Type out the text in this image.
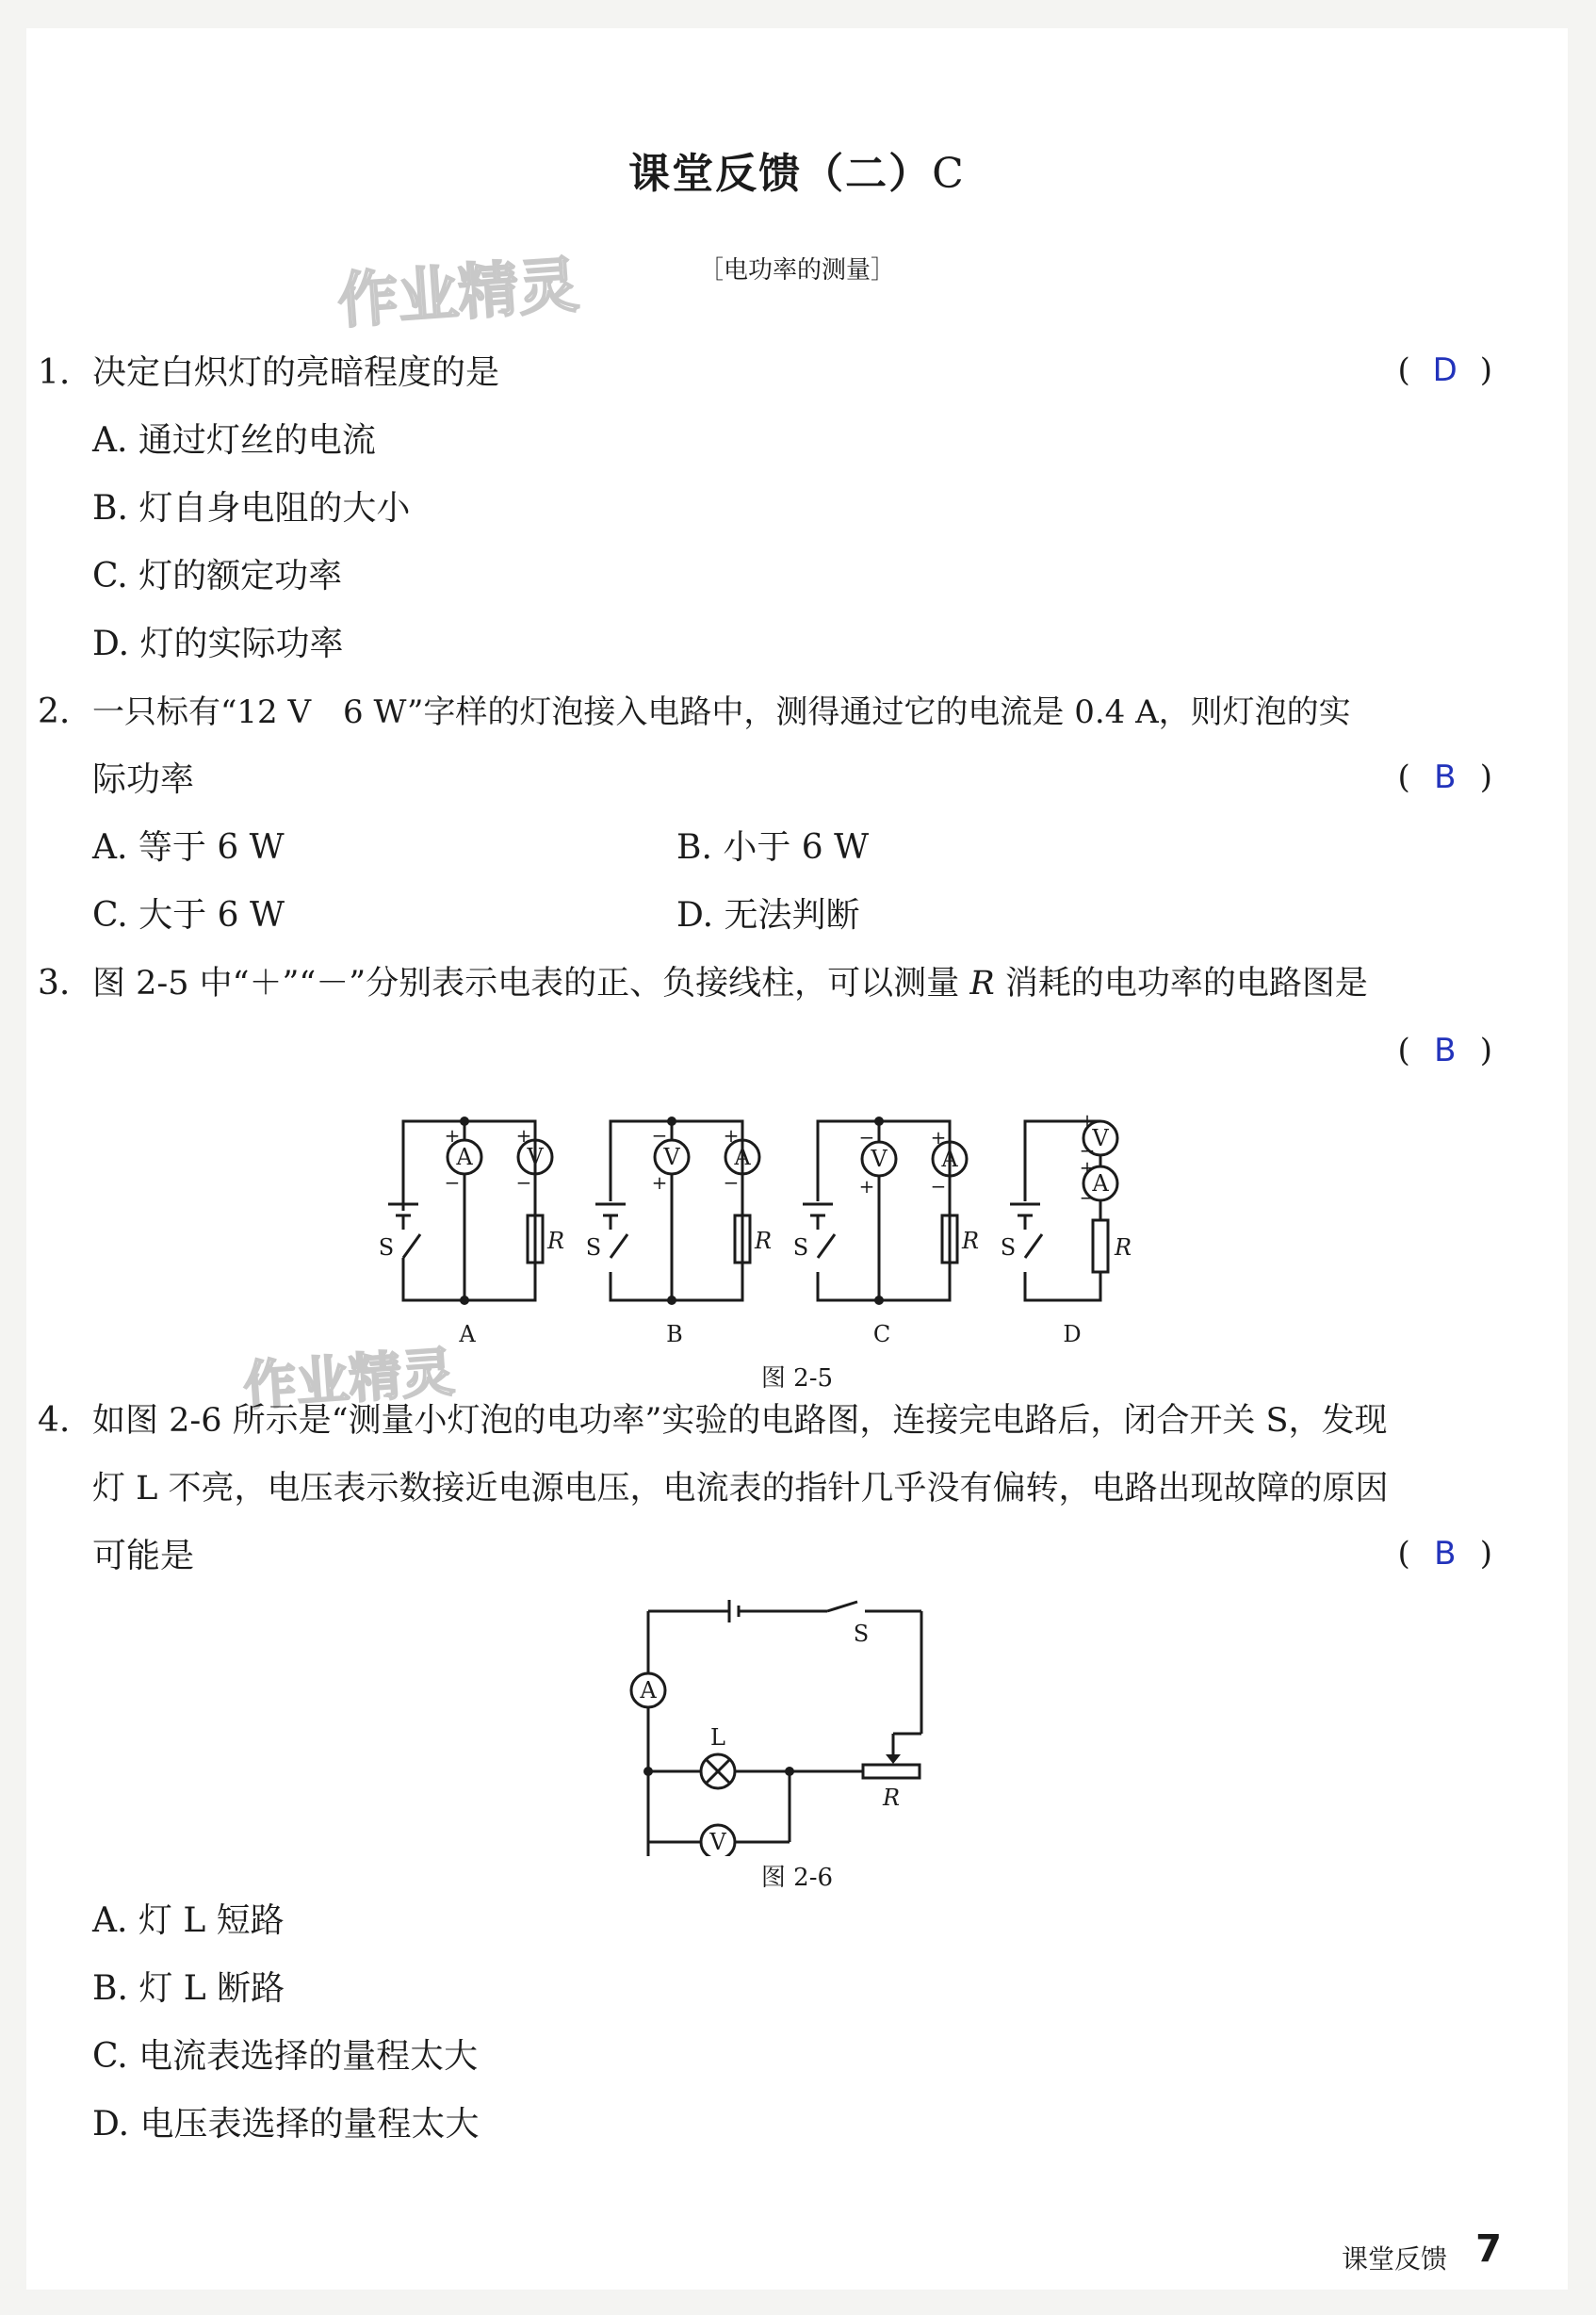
课堂反馈（二）C
［电功率的测量］
作业精灵
作业精灵
1. 决定白炽灯的亮暗程度的是	( D )
A. 通过灯丝的电流
B. 灯自身电阻的大小
C. 灯的额定功率
D. 灯的实际功率
2. 一只标有“12 V　6 W”字样的灯泡接入电路中，测得通过它的电流是 0.4 A，则灯泡的实
际功率	( B )
A. 等于 6 W	B. 小于 6 W
C. 大于 6 W	D. 无法判断
3. 图 2-5 中“＋”“－”分别表示电表的正、负接线柱，可以测量 R 消耗的电功率的电路图是
( B )
A V	V A	V A
V
A
S	S	S	S
R	R	R	R
+
−
+
−
−
+
+
−
−
+
+
−
+
−
+
−
A	B	C	D
图 2-5
4. 如图 2-6 所示是“测量小灯泡的电功率”实验的电路图，连接完电路后，闭合开关 S，发现
灯 L 不亮，电压表示数接近电源电压，电流表的指针几乎没有偏转，电路出现故障的原因
可能是	( B )
A
V
L
S
R
图 2-6
A. 灯 L 短路
B. 灯 L 断路
C. 电流表选择的量程太大
D. 电压表选择的量程太大
课堂反馈 7
